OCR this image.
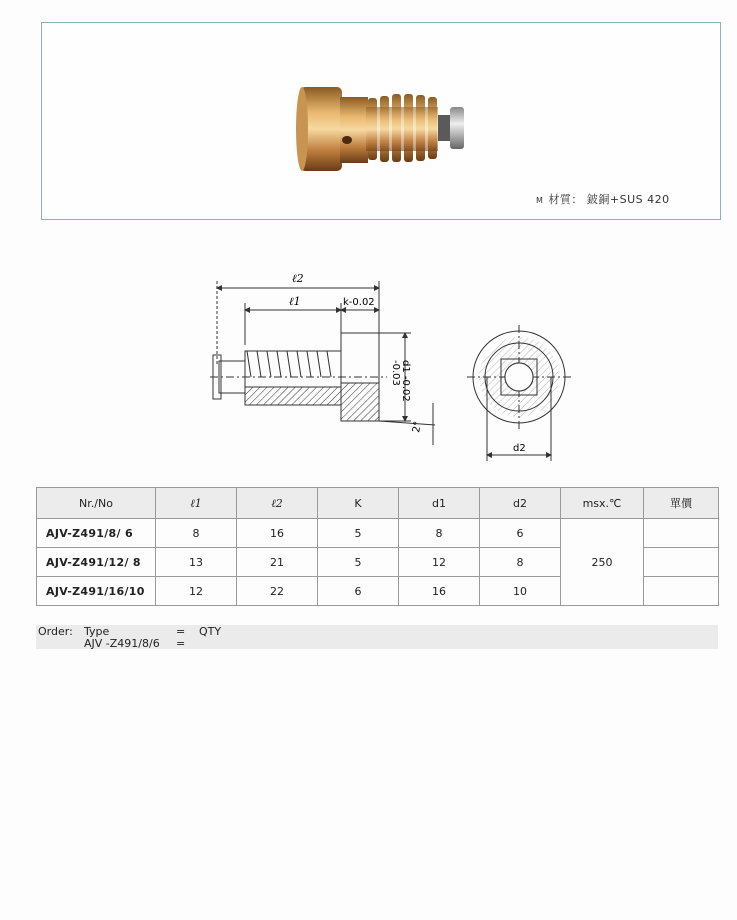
M 材質： 鈹銅+SUS 420
ℓ2
ℓ1	k-0.02
-0.03 d1 -0.02
2°
d2
Nr./No	ℓ1	ℓ2	K	d1	d2	msx.℃	單價
AJV-Z491/8/ 6	8	16	5	8	6	250	
AJV-Z491/12/ 8	13	21	5	12	8		
AJV-Z491/16/10	12	22	6	16	10		
Order: Type	= QTY
AJV -Z491/8/6 =
